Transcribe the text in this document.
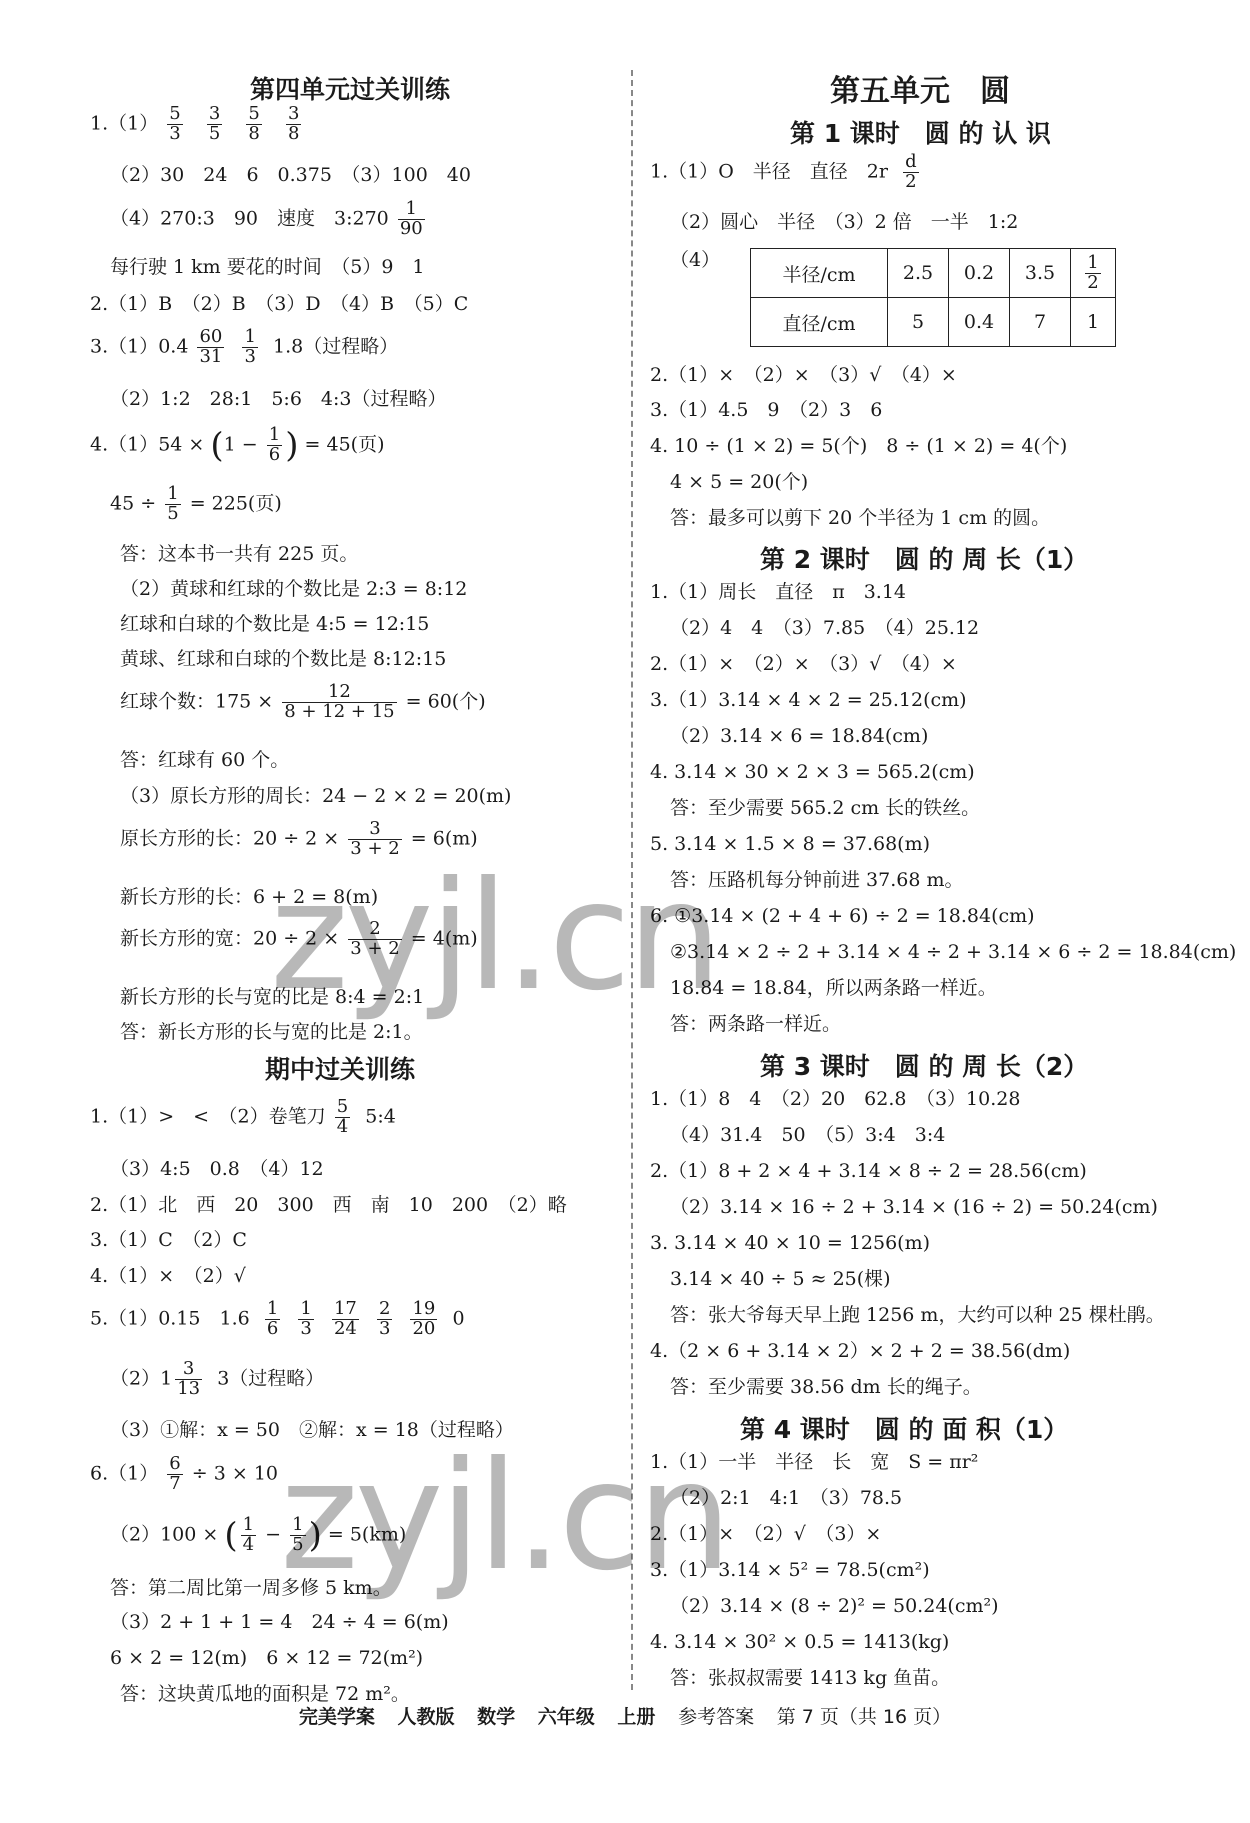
第四单元过关训练
$1.(1) \frac{5}{3}$
$\frac{3}{5}$
$\frac{5}{8}$
$\frac{3}{8}$
（2）30　24　6　0.375　（3）100　40
（4）270:3　90　速度　3:270 $\frac{1}{90}$
每行驶 1 km 要花的时间　（5）9　1
2.（1）B　（2）B　（3）D　（4）B　（5）C
$3.(1)0.4 \frac{60}{31}$
$\frac{1}{3} 1.8$（过程略）
（2）1:2　28:1　5:6　4:3（过程略）
$4.(1)54 \times (1 - \frac{1}{6}$ ) = 45(页)
$45 \div \frac{1}{5} = 225$(页)
答：这本书一共有 225 页。
（2）黄球和红球的个数比是 2:3 = 8:12
红球和白球的个数比是 4:5 = 12:15
黄球、红球和白球的个数比是 8:12:15
红球个数：$175 \times \frac{12}{8 + 12 + 15} = 60$(个)
答：红球有 60 个。
（3）原长方形的周长：24 − 2 × 2 = 20(m)
原长方形的长：$20 \div 2 \times \frac{3}{3 + 2} = 6(m)$
新长方形的长：6 + 2 = 8(m)
新长方形的宽：$20 \div 2 \times \frac{2}{3 + 2} = 4(m)$
新长方形的长与宽的比是 8:4 = 2:1
答：新长方形的长与宽的比是 2:1。
期中过关训练
1.（1）>　<　（2）卷笔刀 $\frac{5}{4}$ 5:4
（3）4:5　0.8　（4）12
2.（1）北　西　20　300　西　南　10　200　（2）略
3.（1）C　（2）C
4.（1）×　（2）√
5.（1）0.15　$1.6 \frac{1}{6}$
$\frac{1}{3}$
$\frac{17}{24}$
$\frac{2}{3}$
$\frac{19}{20} 0$
$(2)1 \frac{3}{13} 3$（过程略）
（3）①解：x = 50　②解：x = 18（过程略）
$6.(1) \frac{6}{7} \div 3 \times 10$
（2）100 × ( $\frac{1}{4} - \frac{1}{5}$ ) = 5(km)
答：第二周比第一周多修 5 km。
（3）2 + 1 + 1 = 4　24 ÷ 4 = 6(m)
6 × 2 = 12(m)　6 × 12 = 72(m²)
答：这块黄瓜地的面积是 72 m²。
第五单元　圆
第 1 课时　圆 的 认 识
1.（1）O　半径　直径　$2r \frac{d}{2}$
（2）圆心　半径　（3）2 倍　一半　1:2
（4）
半径/cm	2.5	0.2	3.5	$\frac{1}{2}$

直径/cm	5	0.4	7	1
2.（1）×　（2）×　（3）√　（4）×
3.（1）4.5　9　（2）3　6
4. 10 ÷ (1 × 2) = 5(个)　8 ÷ (1 × 2) = 4(个)
4 × 5 = 20(个)
答：最多可以剪下 20 个半径为 1 cm 的圆。
第 2 课时　圆 的 周 长（1）
1.（1）周长　直径　π　3.14
（2）4　4　（3）7.85　（4）25.12
2.（1）×　（2）×　（3）√　（4）×
3.（1）3.14 × 4 × 2 = 25.12(cm)
（2）3.14 × 6 = 18.84(cm)
4. 3.14 × 30 × 2 × 3 = 565.2(cm)
答：至少需要 565.2 cm 长的铁丝。
5. 3.14 × 1.5 × 8 = 37.68(m)
答：压路机每分钟前进 37.68 m。
6. ①3.14 × (2 + 4 + 6) ÷ 2 = 18.84(cm)
②3.14 × 2 ÷ 2 + 3.14 × 4 ÷ 2 + 3.14 × 6 ÷ 2 = 18.84(cm)
18.84 = 18.84，所以两条路一样近。
答：两条路一样近。
第 3 课时　圆 的 周 长（2）
1.（1）8　4　（2）20　62.8　（3）10.28
（4）31.4　50　（5）3:4　3:4
2.（1）8 + 2 × 4 + 3.14 × 8 ÷ 2 = 28.56(cm)
（2）3.14 × 16 ÷ 2 + 3.14 × (16 ÷ 2) = 50.24(cm)
3. 3.14 × 40 × 10 = 1256(m)
3.14 × 40 ÷ 5 ≈ 25(棵)
答：张大爷每天早上跑 1256 m，大约可以种 25 棵杜鹃。
4.（2 × 6 + 3.14 × 2）× 2 + 2 = 38.56(dm)
答：至少需要 38.56 dm 长的绳子。
第 4 课时　圆 的 面 积（1）
1.（1）一半　半径　长　宽　S = πr²
（2）2:1　4:1　（3）78.5
2.（1）×　（2）√　（3）×
3.（1）3.14 × 5² = 78.5(cm²)
（2）3.14 × (8 ÷ 2)² = 50.24(cm²)
4. 3.14 × 30² × 0.5 = 1413(kg)
答：张叔叔需要 1413 kg 鱼苗。
zyjl.cn
zyjl.cn
完美学案 人教版 数学 六年级 上册 参考答案 第 7 页（共 16 页）
